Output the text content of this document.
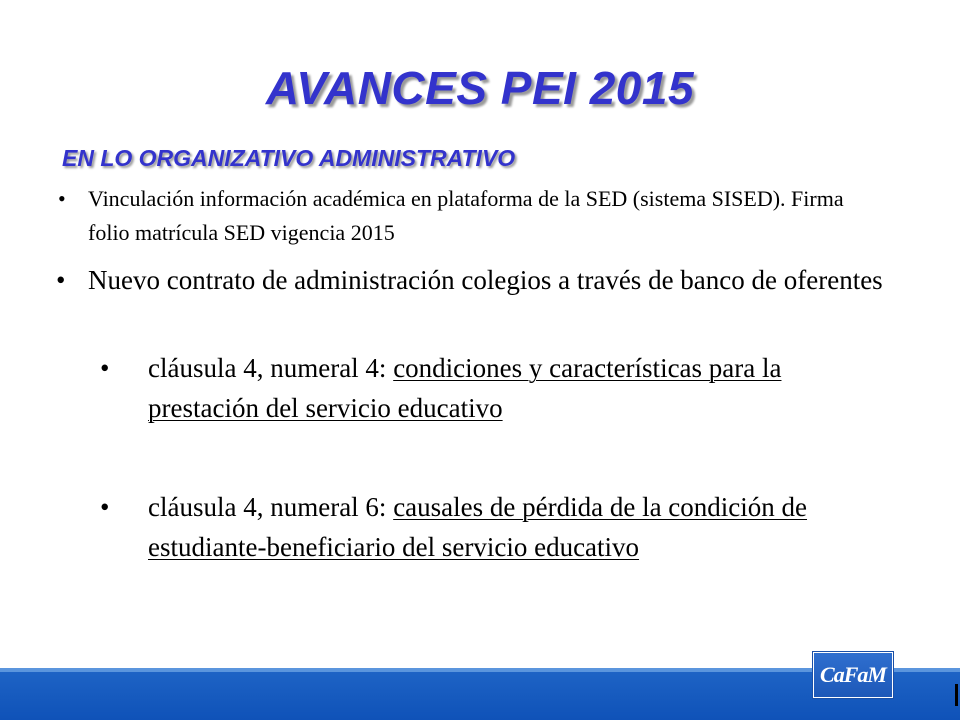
AVANCES PEI 2015
EN LO ORGANIZATIVO ADMINISTRATIVO
• Vinculación información académica en plataforma de la SED (sistema SISED). Firma folio matrícula SED vigencia 2015
• Nuevo contrato de administración colegios a través de banco de oferentes
• cláusula 4, numeral 4: condiciones y características para la prestación del servicio educativo
• cláusula 4, numeral 6: causales de pérdida de la condición de estudiante-beneficiario del servicio educativo
CaFaM
